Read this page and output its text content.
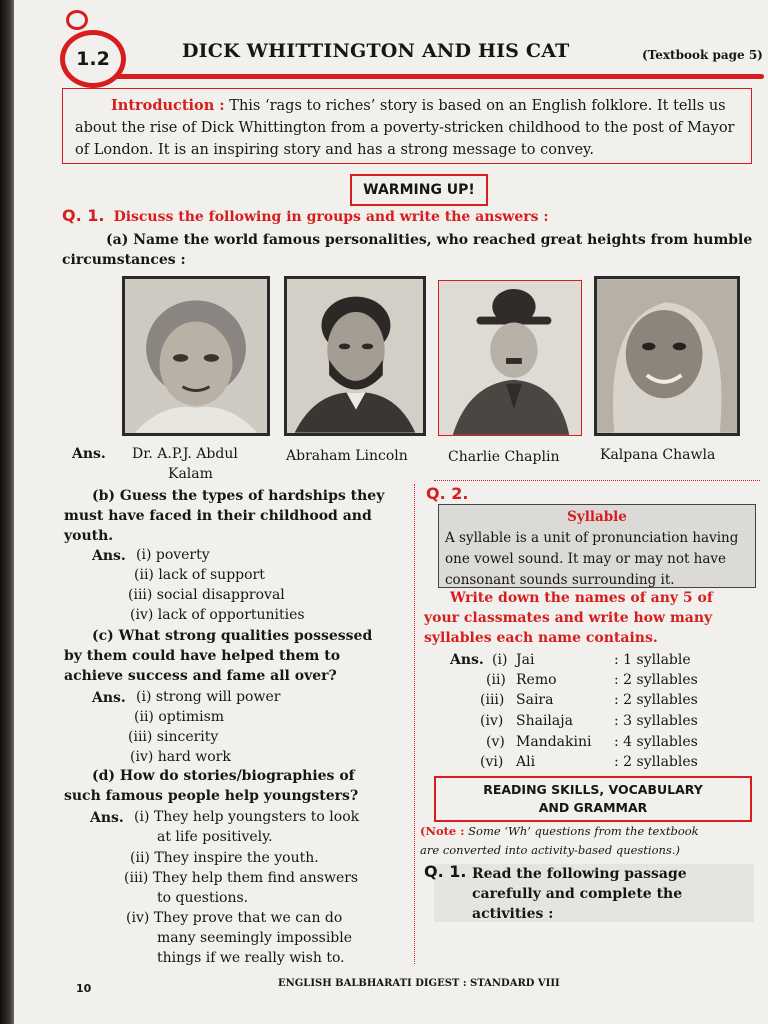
1.2	DICK WHITTINGTON AND HIS CAT	(Textbook page 5)
Introduction : This ‘rags to riches’ story is based on an English folklore. It tells us
about the rise of Dick Whittington from a poverty-stricken childhood to the post of Mayor
of London. It is an inspiring story and has a strong message to convey.
WARMING UP!
Q. 1. Discuss the following in groups and write the answers :
(a) Name the world famous personalities, who reached great heights from humble
circumstances :
Ans. Dr. A.P.J. Abdul
Kalam
Abraham Lincoln	Charlie Chaplin	Kalpana Chawla
(b) Guess the types of hardships they
must have faced in their childhood and
youth.
Ans. (i) poverty
(ii) lack of support
(iii) social disapproval
(iv) lack of opportunities
(c) What strong qualities possessed
by them could have helped them to
achieve success and fame all over?
Ans. (i) strong will power
(ii) optimism
(iii) sincerity
(iv) hard work
(d) How do stories/biographies of
such famous people help youngsters?
Ans. (i) They help youngsters to look
at life positively.
(ii) They inspire the youth.
(iii) They help them find answers
to questions.
(iv) They prove that we can do
many seemingly impossible
things if we really wish to.
Q. 2.
Syllable
A syllable is a unit of pronunciation having
one vowel sound. It may or may not have
consonant sounds surrounding it.
Write down the names of any 5 of
your classmates and write how many
syllables each name contains.
Ans. (i) Jai	: 1 syllable
(ii) Remo	: 2 syllables
(iii) Saira	: 2 syllables
(iv) Shailaja	: 3 syllables
(v) Mandakini : 4 syllables
(vi) Ali	: 2 syllables
READING SKILLS, VOCABULARY
AND GRAMMAR
(Note : Some ‘Wh’ questions from the textbook
are converted into activity-based questions.)
Q. 1. Read the following passage
carefully and complete the
activities :
10	ENGLISH BALBHARATI DIGEST : STANDARD VIII
